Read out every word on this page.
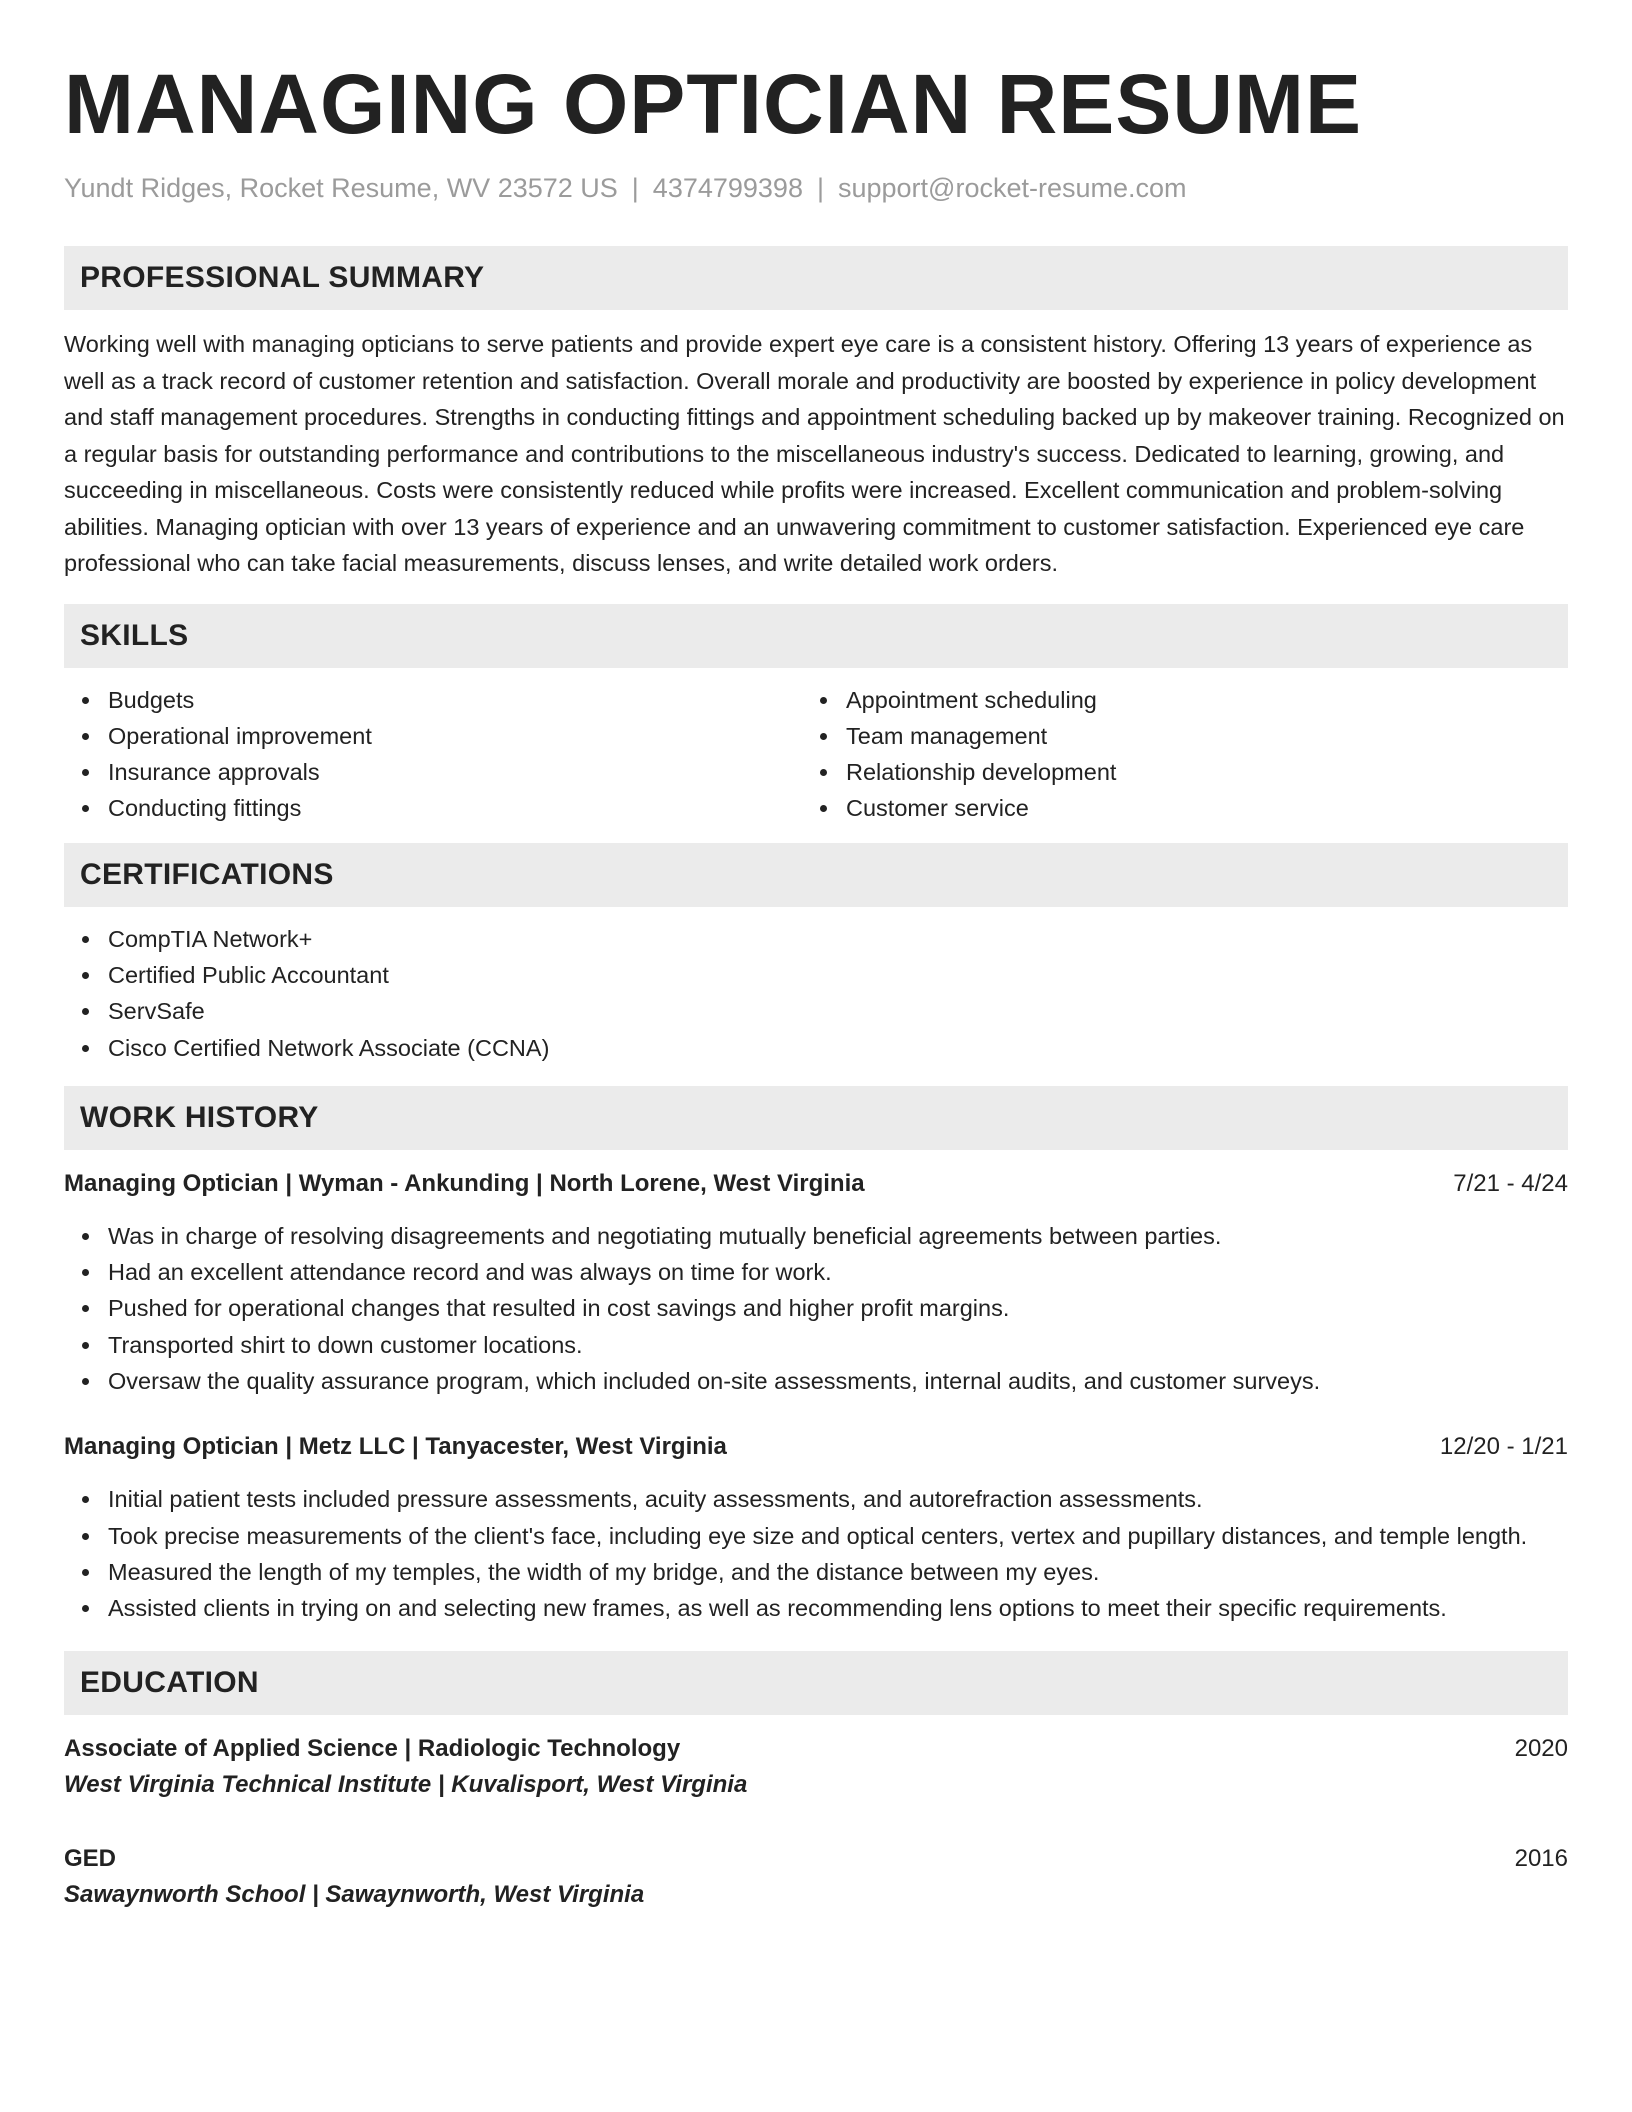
MANAGING OPTICIAN RESUME
Yundt Ridges, Rocket Resume, WV 23572 US | 4374799398 | support@rocket-resume.com
PROFESSIONAL SUMMARY

Working well with managing opticians to serve patients and provide expert eye care is a consistent history. Offering 13 years of experience as well as a track record of customer retention and satisfaction. Overall morale and productivity are boosted by experience in policy development and staff management procedures. Strengths in conducting fittings and appointment scheduling backed up by makeover training. Recognized on a regular basis for outstanding performance and contributions to the miscellaneous industry's success. Dedicated to learning, growing, and succeeding in miscellaneous. Costs were consistently reduced while profits were increased. Excellent communication and problem-solving abilities. Managing optician with over 13 years of experience and an unwavering commitment to customer satisfaction. Experienced eye care professional who can take facial measurements, discuss lenses, and write detailed work orders.

SKILLS
Budgets
Operational improvement
Insurance approvals
Conducting fittings
Appointment scheduling
Team management
Relationship development
Customer service
CERTIFICATIONS
CompTIA Network+
Certified Public Accountant
ServSafe
Cisco Certified Network Associate (CCNA)
WORK HISTORY
Managing Optician | Wyman - Ankunding | North Lorene, West Virginia	7/21 - 4/24
Was in charge of resolving disagreements and negotiating mutually beneficial agreements between parties.
Had an excellent attendance record and was always on time for work.
Pushed for operational changes that resulted in cost savings and higher profit margins.
Transported shirt to down customer locations.
Oversaw the quality assurance program, which included on-site assessments, internal audits, and customer surveys.
Managing Optician | Metz LLC | Tanyacester, West Virginia	12/20 - 1/21
Initial patient tests included pressure assessments, acuity assessments, and autorefraction assessments.
Took precise measurements of the client's face, including eye size and optical centers, vertex and pupillary distances, and temple length.
Measured the length of my temples, the width of my bridge, and the distance between my eyes.
Assisted clients in trying on and selecting new frames, as well as recommending lens options to meet their specific requirements.
EDUCATION
Associate of Applied Science | Radiologic Technology	2020
West Virginia Technical Institute | Kuvalisport, West Virginia
GED	2016
Sawaynworth School | Sawaynworth, West Virginia
